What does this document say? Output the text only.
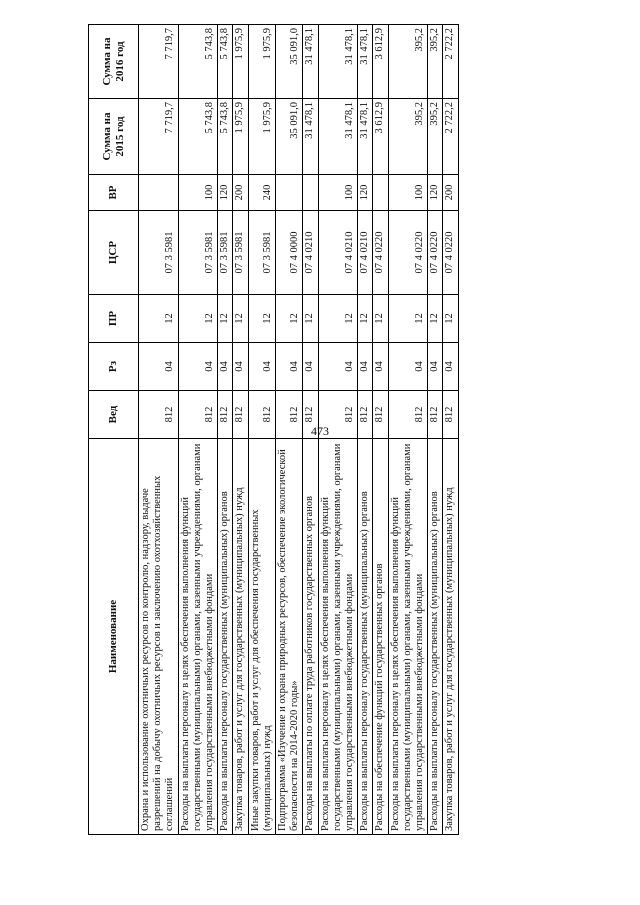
473
Наименование	Вед	Рз	ПР	ЦСР	ВР	Сумма на 2015 год	Сумма на 2016 год
Охрана и использование охотничьих ресурсов по контролю, надзору, выдаче разрешений на добычу охотничьих ресурсов и заключению охотхозяйственных соглашений	812	04	12	07 3 5981		7 719,7	7 719,7
Расходы на выплаты персоналу в целях обеспечения выполнения функций государственными (муниципальными) органами, казенными учреждениями, органами управления государственными внебюджетными фондами	812	04	12	07 3 5981	100	5 743,8	5 743,8
Расходы на выплаты персоналу государственных (муниципальных) органов	812	04	12	07 3 5981	120	5 743,8	5 743,8
Закупка товаров, работ и услуг для государственных (муниципальных) нужд	812	04	12	07 3 5981	200	1 975,9	1 975,9
Иные закупки товаров, работ и услуг для обеспечения государственных (муниципальных) нужд	812	04	12	07 3 5981	240	1 975,9	1 975,9
Подпрограмма «Изучение и охрана природных ресурсов, обеспечение экологической безопасности на 2014-2020 годы»	812	04	12	07 4 0000		35 091,0	35 091,0
Расходы на выплаты по оплате труда работников государственных органов	812	04	12	07 4 0210		31 478,1	31 478,1
Расходы на выплаты персоналу в целях обеспечения выполнения функций государственными (муниципальными) органами, казенными учреждениями, органами управления государственными внебюджетными фондами	812	04	12	07 4 0210	100	31 478,1	31 478,1
Расходы на выплаты персоналу государственных (муниципальных) органов	812	04	12	07 4 0210	120	31 478,1	31 478,1
Расходы на обеспечение функций государственных органов	812	04	12	07 4 0220		3 612,9	3 612,9
Расходы на выплаты персоналу в целях обеспечения выполнения функций государственными (муниципальными) органами, казенными учреждениями, органами управления государственными внебюджетными фондами	812	04	12	07 4 0220	100	395,2	395,2
Расходы на выплаты персоналу государственных (муниципальных) органов	812	04	12	07 4 0220	120	395,2	395,2
Закупка товаров, работ и услуг для государственных (муниципальных) нужд	812	04	12	07 4 0220	200	2 722,2	2 722,2
